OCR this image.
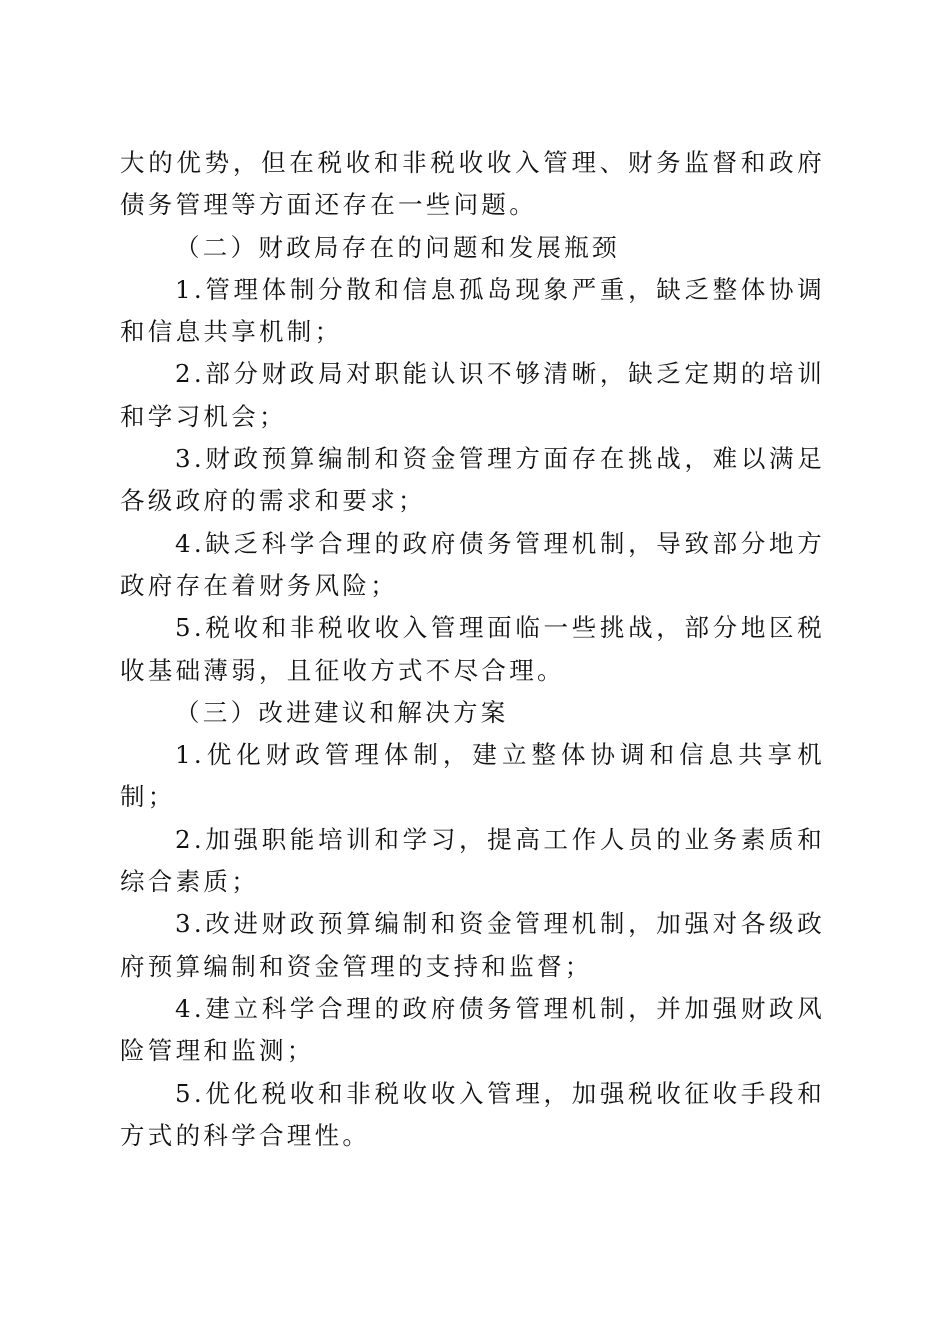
大的优势，但在税收和非税收收入管理、财务监督和政府债务管理等方面还存在一些问题。

（二）财政局存在的问题和发展瓶颈

1.管理体制分散和信息孤岛现象严重，缺乏整体协调和信息共享机制；

2.部分财政局对职能认识不够清晰，缺乏定期的培训和学习机会；

3.财政预算编制和资金管理方面存在挑战，难以满足各级政府的需求和要求；

4.缺乏科学合理的政府债务管理机制，导致部分地方政府存在着财务风险；

5.税收和非税收收入管理面临一些挑战，部分地区税收基础薄弱，且征收方式不尽合理。

（三）改进建议和解决方案

1.优化财政管理体制，建立整体协调和信息共享机制；

2.加强职能培训和学习，提高工作人员的业务素质和综合素质；

3.改进财政预算编制和资金管理机制，加强对各级政府预算编制和资金管理的支持和监督；

4.建立科学合理的政府债务管理机制，并加强财政风险管理和监测；

5.优化税收和非税收收入管理，加强税收征收手段和方式的科学合理性。
